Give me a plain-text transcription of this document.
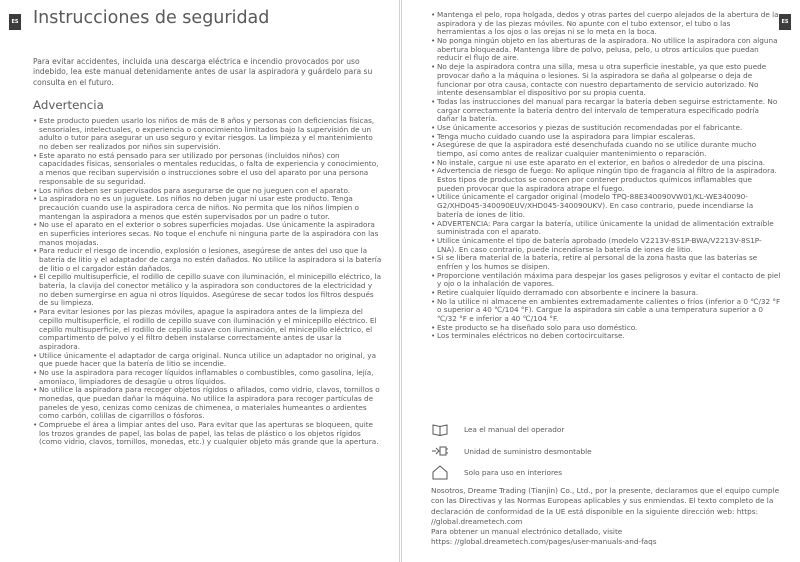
ES Instrucciones de seguridad

Para evitar accidentes, incluida una descarga eléctrica e incendio provocados por uso indebido, lea este manual detenidamente antes de usar la aspiradora y guárdelo para su consulta en el futuro.

Advertencia
• Este producto pueden usarlo los niños de más de 8 años y personas con deficiencias físicas, sensoriales, intelectuales, o experiencia o conocimiento limitados bajo la supervisión de un adulto o tutor para asegurar un uso seguro y evitar riesgos. La limpieza y el mantenimiento no deben ser realizados por niños sin supervisión.
• Este aparato no está pensado para ser utilizado por personas (incluidos niños) con capacidades físicas, sensoriales o mentales reducidas, o falta de experiencia y conocimiento, a menos que reciban supervisión o instrucciones sobre el uso del aparato por una persona responsable de su seguridad.
• Los niños deben ser supervisados para asegurarse de que no jueguen con el aparato.
• La aspiradora no es un juguete. Los niños no deben jugar ni usar este producto. Tenga precaución cuando use la aspiradora cerca de niños. No permita que los niños limpien o mantengan la aspiradora a menos que estén supervisados por un padre o tutor.
• No use el aparato en el exterior o sobres superficies mojadas. Use únicamente la aspiradora en superficies interiores secas. No toque el enchufe ni ninguna parte de la aspiradora con las manos mojadas.
• Para reducir el riesgo de incendio, explosión o lesiones, asegúrese de antes del uso que la batería de litio y el adaptador de carga no estén dañados. No utilice la aspiradora si la batería de litio o el cargador están dañados.
• El cepillo multisuperficie, el rodillo de cepillo suave con iluminación, el minicepillo eléctrico, la batería, la clavija del conector metálico y la aspiradora son conductores de la electricidad y no deben sumergirse en agua ni otros líquidos. Asegúrese de secar todos los filtros después de su limpieza.
• Para evitar lesiones por las piezas móviles, apague la aspiradora antes de la limpieza del cepillo multisuperficie, el rodillo de cepillo suave con iluminación y el minicepillo eléctrico. El cepillo multisuperficie, el rodillo de cepillo suave con iluminación, el minicepillo eléctrico, el compartimento de polvo y el filtro deben instalarse correctamente antes de usar la aspiradora.
• Utilice únicamente el adaptador de carga original. Nunca utilice un adaptador no original, ya que puede hacer que la batería de litio se incendie.
• No use la aspiradora para recoger líquidos inflamables o combustibles, como gasolina, lejía, amoniaco, limpiadores de desagüe u otros líquidos.
• No utilice la aspiradora para recoger objetos rígidos o afilados, como vidrio, clavos, tornillos o monedas, que puedan dañar la máquina. No utilice la aspiradora para recoger partículas de paneles de yeso, cenizas como cenizas de chimenea, o materiales humeantes o ardientes como carbón, colillas de cigarrillos o fósforos.
• Compruebe el área a limpiar antes del uso. Para evitar que las aperturas se bloqueen, quite los trozos grandes de papel, las bolas de papel, las telas de plástico o los objetos rígidos (como vidrio, clavos, tornillos, monedas, etc.) y cualquier objeto más grande que la apertura.
ES
• Mantenga el pelo, ropa holgada, dedos y otras partes del cuerpo alejados de la abertura de la aspiradora y de las piezas móviles. No apunte con el tubo extensor, el tubo o las herramientas a los ojos o las orejas ni se lo meta en la boca.
• No ponga ningún objeto en las aberturas de la aspiradora. No utilice la aspiradora con alguna abertura bloqueada. Mantenga libre de polvo, pelusa, pelo, u otros artículos que puedan reducir el flujo de aire.
• No deje la aspiradora contra una silla, mesa u otra superficie inestable, ya que esto puede provocar daño a la máquina o lesiones. Si la aspiradora se daña al golpearse o deja de funcionar por otra causa, contacte con nuestro departamento de servicio autorizado. No intente desensamblar el dispositivo por su propia cuenta.
• Todas las instrucciones del manual para recargar la batería deben seguirse estrictamente. No cargar correctamente la batería dentro del intervalo de temperatura especificado podría dañar la batería.
• Use únicamente accesorios y piezas de sustitución recomendadas por el fabricante.
• Tenga mucho cuidado cuando use la aspiradora para limpiar escaleras.
• Asegúrese de que la aspiradora esté desenchufada cuando no se utilice durante mucho tiempo, así como antes de realizar cualquier mantenimiento o reparación.
• No instale, cargue ni use este aparato en el exterior, en baños o alrededor de una piscina.
• Advertencia de riesgo de fuego: No aplique ningún tipo de fragancia al filtro de la aspiradora. Estos tipos de productos se conocen por contener productos químicos inflamables que pueden provocar que la aspiradora atrape el fuego.
• Utilice únicamente el cargador original (modelo TPQ-88E340090VW01/KL-WE340090-G2/XHD045-340090EUV/XHD045-340090UKV). En caso contrario, puede incendiarse la batería de iones de litio.
• ADVERTENCIA: Para cargar la batería, utilice únicamente la unidad de alimentación extraíble suministrada con el aparato.
• Utilice únicamente el tipo de batería aprobado (modelo V2213V-8S1P-BWA/V2213V-8S1P-LNA). En caso contrario, puede incendiarse la batería de iones de litio.
• Si se libera material de la batería, retire al personal de la zona hasta que las baterías se enfríen y los humos se disipen.
• Proporcione ventilación máxima para despejar los gases peligrosos y evitar el contacto de piel y ojo o la inhalación de vapores.
• Retire cualquier líquido derramado con absorbente e incinere la basura.
• No la utilice ni almacene en ambientes extremadamente calientes o fríos (inferior a 0 ℃/32 °F o superior a 40 ℃/104 °F). Cargue la aspiradora sin cable a una temperatura superior a 0 ℃/32 °F e inferior a 40 ℃/104 °F.
• Este producto se ha diseñado solo para uso doméstico.
• Los terminales eléctricos no deben cortocircuitarse.
Lea el manual del operador
Unidad de suministro desmontable
Solo para uso en interiores

Nosotros, Dreame Trading (Tianjin) Co., Ltd., por la presente, declaramos que el equipo cumple con las Directivas y las Normas Europeas aplicables y sus enmiendas. El texto completo de la declaración de conformidad de la UE está disponible en la siguiente dirección web: https: //global.dreametech.com
Para obtener un manual electrónico detallado, visite
https: //global.dreametech.com/pages/user-manuals-and-faqs
